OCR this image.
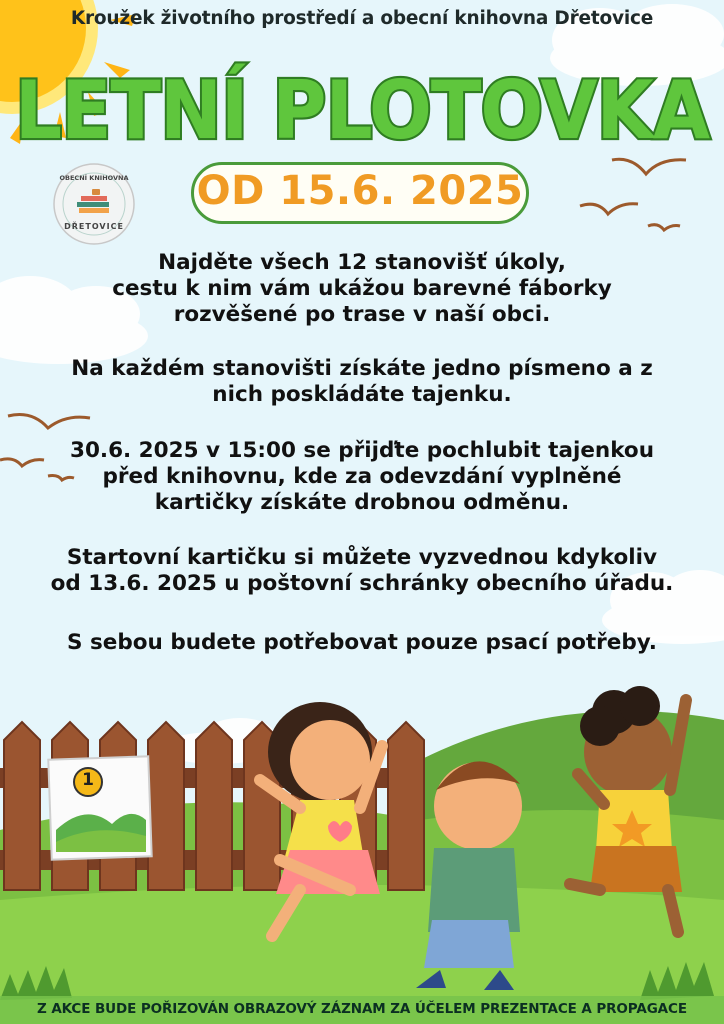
OBECNÍ KNIHOVNA
DŘETOVICE
Kroužek životního prostředí a obecní knihovna Dřetovice
LETNÍ PLOTOVKA
OD 15.6. 2025
Najděte všech 12 stanovišť úkoly,
cestu k nim vám ukážou barevné fáborky
rozvěšené po trase v naší obci.
Na každém stanovišti získáte jedno písmeno a z
nich poskládáte tajenku.
30.6. 2025 v 15:00 se přijďte pochlubit tajenkou
před knihovnu, kde za odevzdání vyplněné
kartičky získáte drobnou odměnu.
Startovní kartičku si můžete vyzvednou kdykoliv
od 13.6. 2025 u poštovní schránky obecního úřadu.
S sebou budete potřebovat pouze psací potřeby.
1
Z AKCE BUDE POŘIZOVÁN OBRAZOVÝ ZÁZNAM ZA ÚČELEM PREZENTACE A PROPAGACE
